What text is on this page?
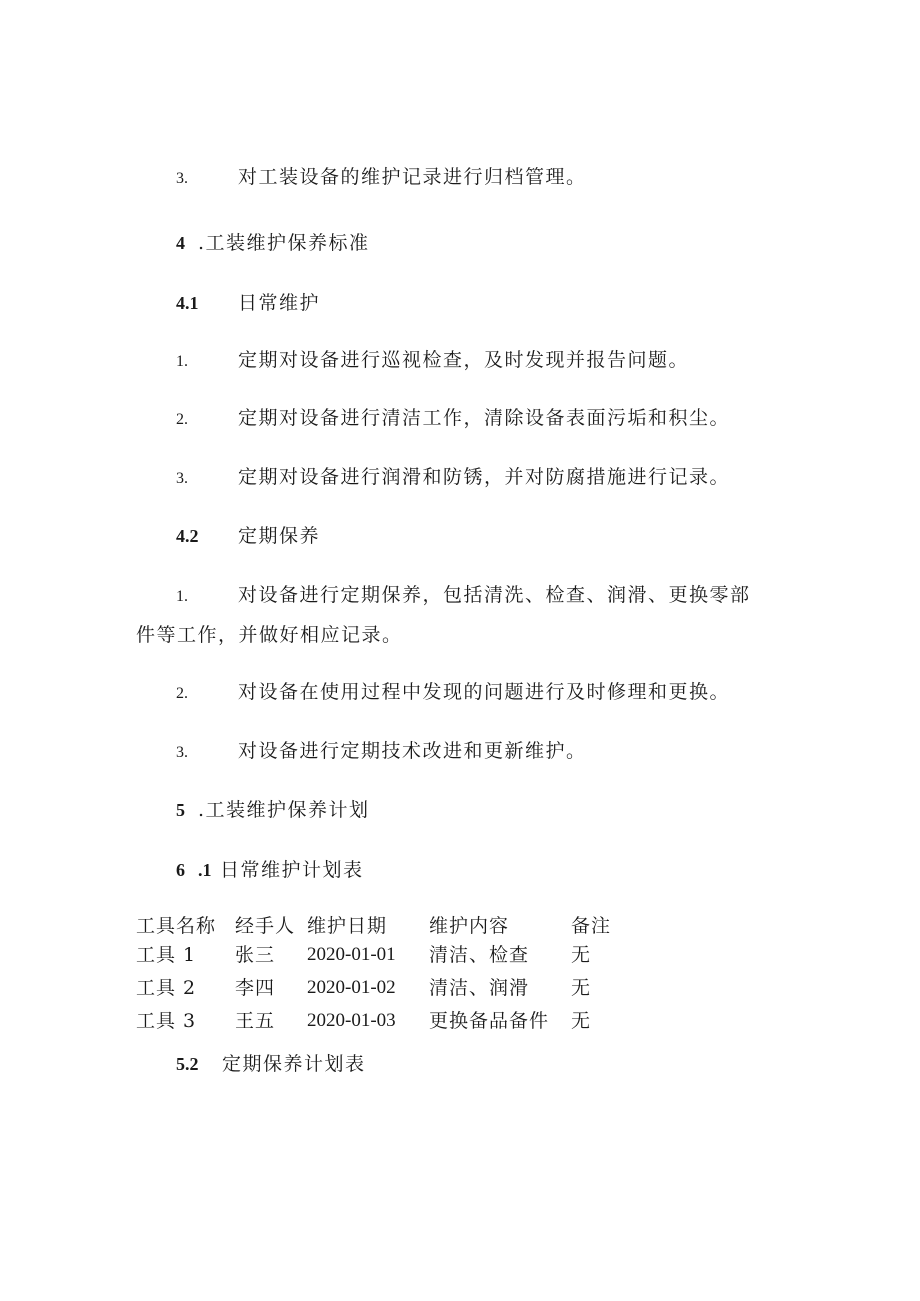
3.	对工装设备的维护记录进行归档管理。
4 .工装维护保养标准
4.1 日常维护
1.	定期对设备进行巡视检查，及时发现并报告问题。
2.	定期对设备进行清洁工作，清除设备表面污垢和积尘。
3.	定期对设备进行润滑和防锈，并对防腐措施进行记录。
4.2 定期保养
1.	对设备进行定期保养，包括清洗、检查、润滑、更换零部
件等工作，并做好相应记录。
2.	对设备在使用过程中发现的问题进行及时修理和更换。
3.	对设备进行定期技术改进和更新维护。
5 .工装维护保养计划
6 .1 日常维护计划表
工具名称 经手人 维护日期 维护内容	备注
工具 1 张三 2020-01-01 清洁、检查 无
工具 2 李四 2020-01-02 清洁、润滑 无
工具 3 王五 2020-01-03 更换备品备件 无
5.2 定期保养计划表
